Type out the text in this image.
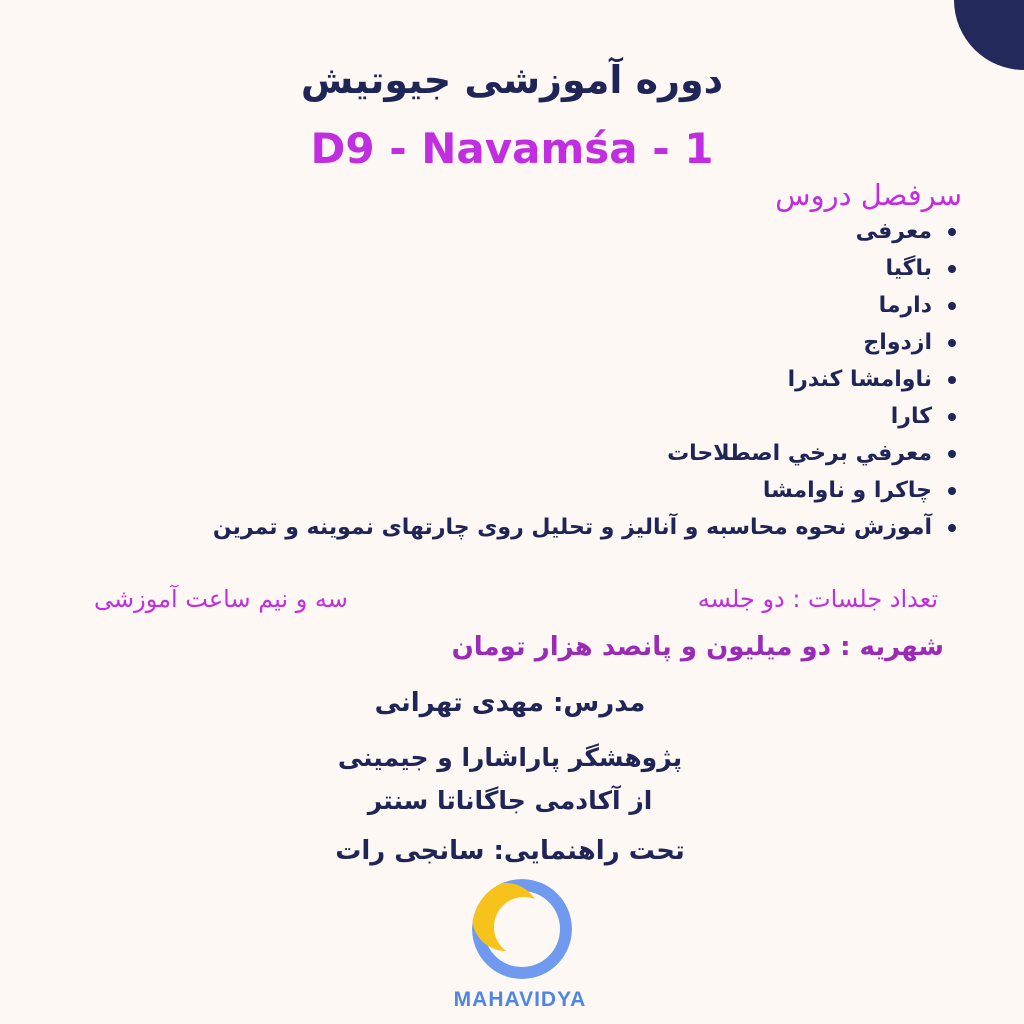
دوره آموزشی جیوتیش
D9 - Navamśa - 1
سرفصل دروس
معرفی
باگیا
دارما
ازدواج
ناوامشا کندرا
کارا
معرفي برخي اصطلاحات
چاکرا و ناوامشا
آموزش نحوه محاسبه و آنالیز و تحلیل روی چارتهای نموینه و تمرین
تعداد جلسات : دو جلسه
سه و نیم ساعت آموزشی
شهریه : دو میلیون و پانصد هزار تومان
مدرس: مهدی تهرانی
پژوهشگر پاراشارا و جیمینی
از آکادمی جاگاناتا سنتر
تحت راهنمایی: سانجی رات
MAHAVIDYA
